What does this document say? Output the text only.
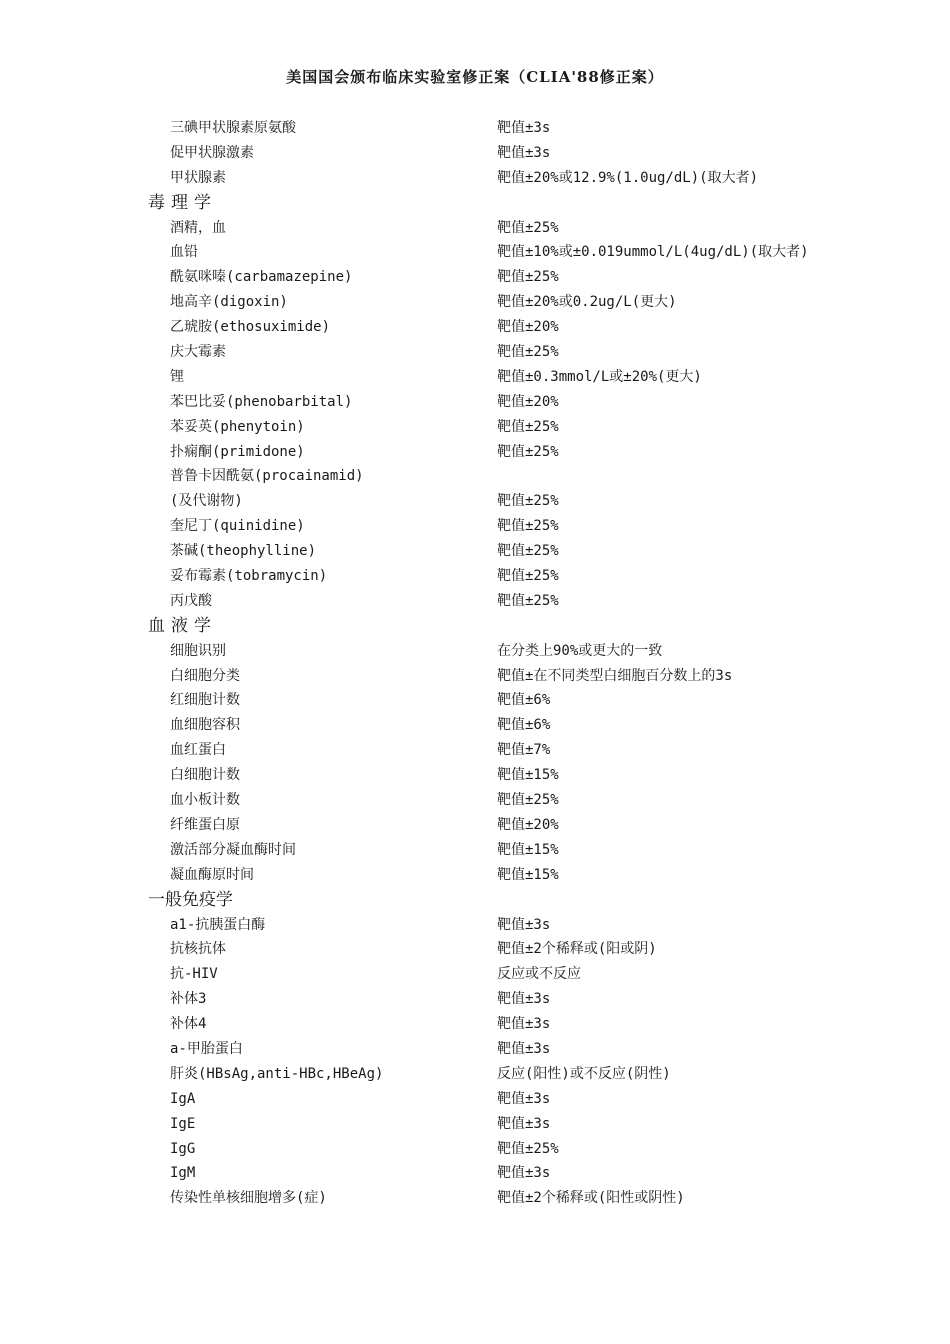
美国国会颁布临床实验室修正案（CLIA'88修正案）
三碘甲状腺素原氨酸	靶值±3s
促甲状腺激素	靶值±3s
甲状腺素	靶值±20%或12.9%(1.0ug/dL)(取大者)
毒理学
酒精，血	靶值±25%
血铅	靶值±10%或±0.019ummol/L(4ug/dL)(取大者)
酰氨咪嗪(carbamazepine)	靶值±25%
地高辛(digoxin)	靶值±20%或0.2ug/L(更大)
乙琥胺(ethosuximide)	靶值±20%
庆大霉素	靶值±25%
锂	靶值±0.3mmol/L或±20%(更大)
苯巴比妥(phenobarbital)	靶值±20%
苯妥英(phenytoin)	靶值±25%
扑痫酮(primidone)	靶值±25%
普鲁卡因酰氨(procainamid)
(及代谢物)	靶值±25%
奎尼丁(quinidine)	靶值±25%
茶碱(theophylline)	靶值±25%
妥布霉素(tobramycin)	靶值±25%
丙戊酸	靶值±25%
血液学
细胞识别	在分类上90%或更大的一致
白细胞分类	靶值±在不同类型白细胞百分数上的3s
红细胞计数	靶值±6%
血细胞容积	靶值±6%
血红蛋白	靶值±7%
白细胞计数	靶值±15%
血小板计数	靶值±25%
纤维蛋白原	靶值±20%
激活部分凝血酶时间	靶值±15%
凝血酶原时间	靶值±15%
一般免疫学
a1-抗胰蛋白酶	靶值±3s
抗核抗体	靶值±2个稀释或(阳或阴)
抗-HIV	反应或不反应
补体3	靶值±3s
补体4	靶值±3s
a-甲胎蛋白	靶值±3s
肝炎(HBsAg,anti-HBc,HBeAg)	反应(阳性)或不反应(阴性)
IgA	靶值±3s
IgE	靶值±3s
IgG	靶值±25%
IgM	靶值±3s
传染性单核细胞增多(症)	靶值±2个稀释或(阳性或阴性)
